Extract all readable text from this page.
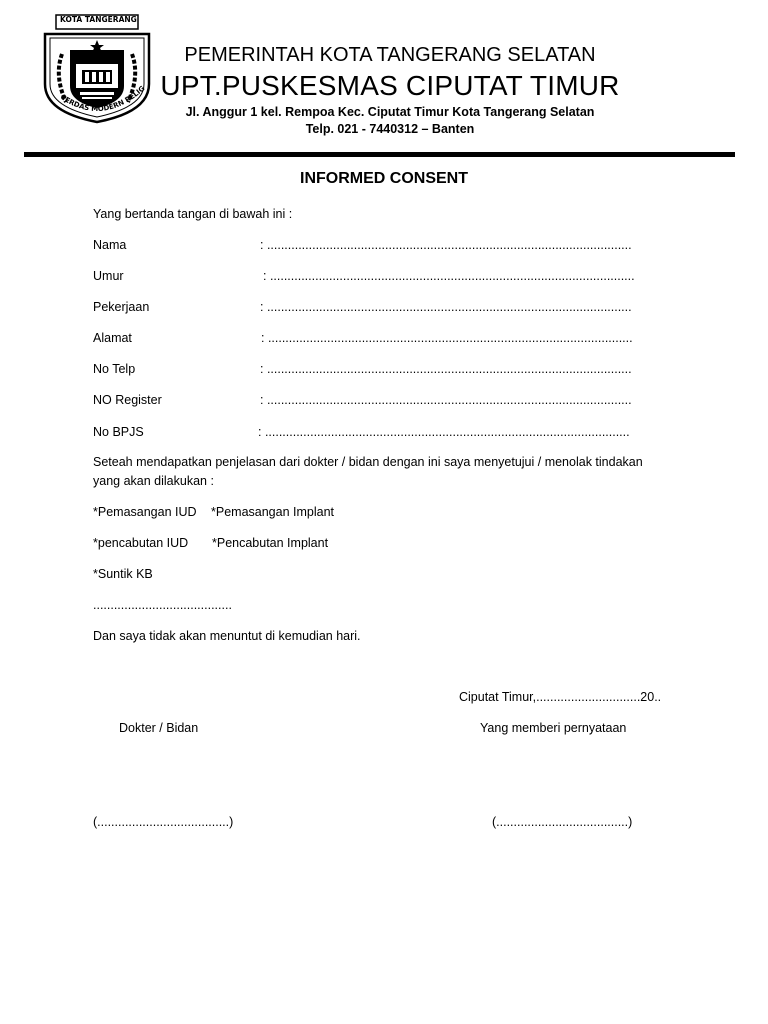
KOTA TANGERANG
CERDAS MODERN RELIG
PEMERINTAH KOTA TANGERANG SELATAN
UPT.PUSKESMAS CIPUTAT TIMUR
Jl. Anggur 1 kel. Rempoa Kec. Ciputat Timur Kota Tangerang Selatan
Telp. 021 - 7440312 – Banten
INFORMED CONSENT
Yang bertanda tangan di bawah ini :
Nama	: .........................................................................................................
Umur	: .........................................................................................................
Pekerjaan	: .........................................................................................................
Alamat	: .........................................................................................................
No Telp	: .........................................................................................................
NO Register	: .........................................................................................................
No BPJS	: .........................................................................................................
Seteah mendapatkan penjelasan dari dokter / bidan dengan ini saya menyetujui / menolak tindakan
yang akan dilakukan :
*Pemasangan IUD *Pemasangan Implant
*pencabutan IUD *Pencabutan Implant
*Suntik KB
........................................
Dan saya tidak akan menuntut di kemudian hari.
Ciputat Timur,..............................20..
Dokter / Bidan	Yang memberi pernyataan
(......................................)	(......................................)
